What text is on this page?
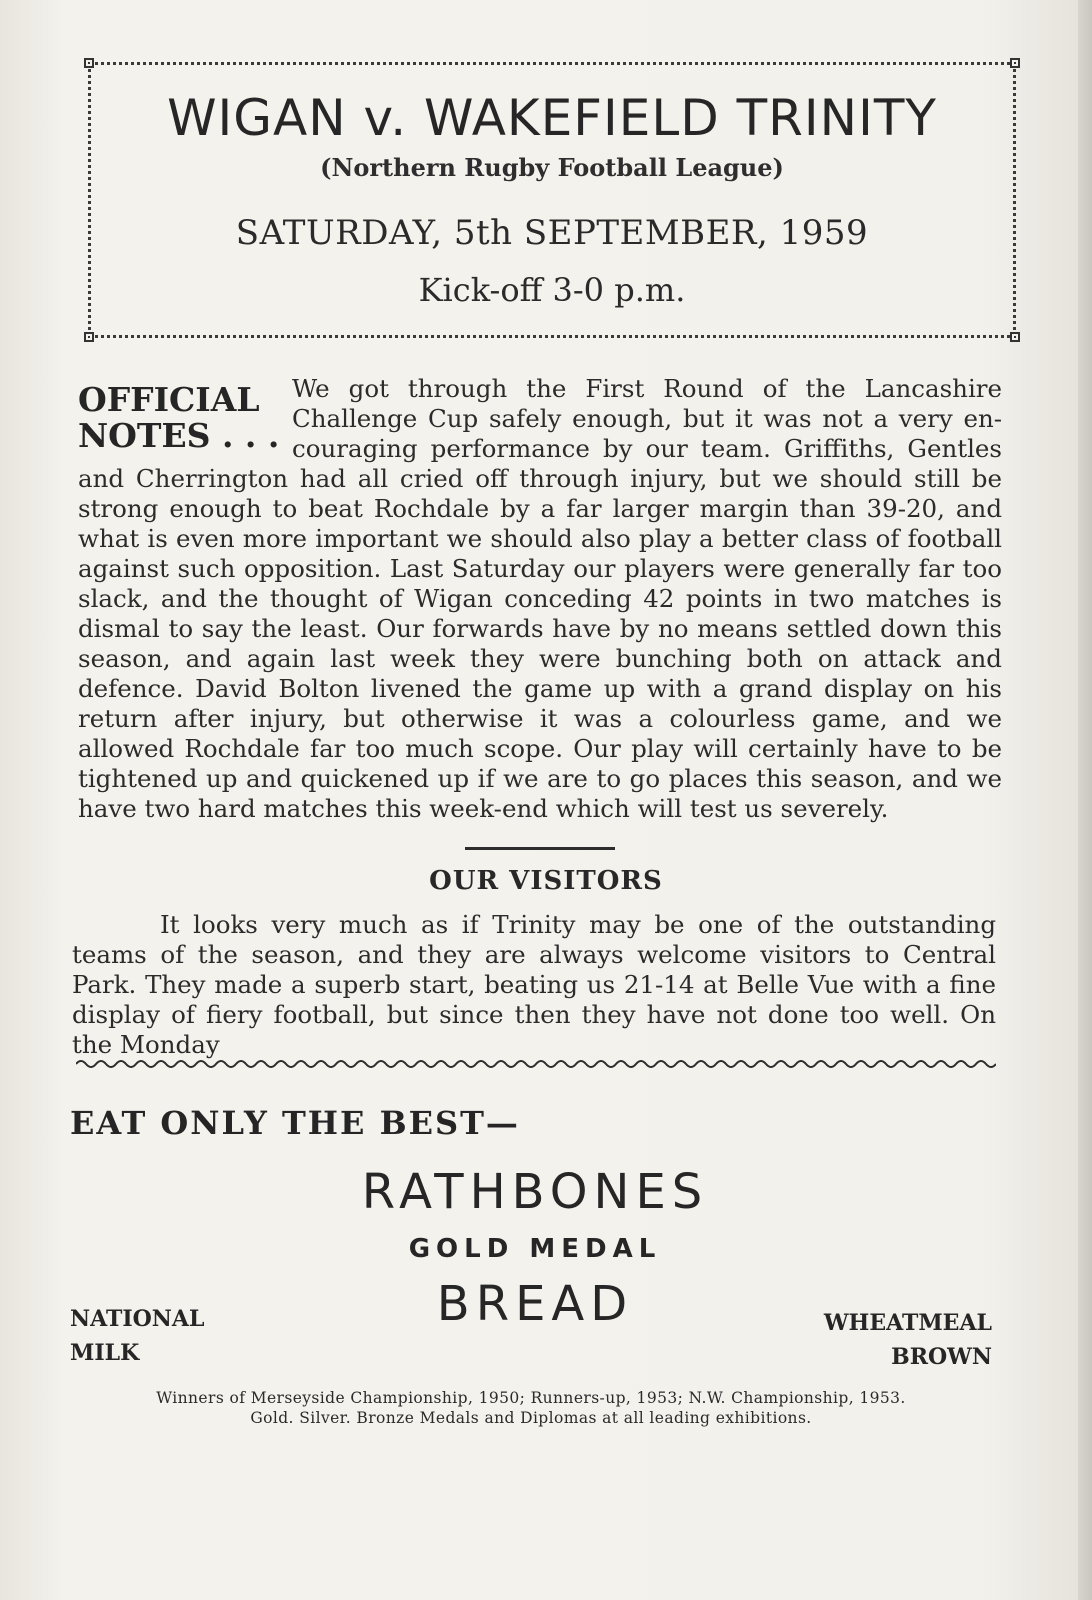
WIGAN v. WAKEFIELD TRINITY
(Northern Rugby Football League)
SATURDAY, 5th SEPTEMBER, 1959
Kick-off 3-0 p.m.
OFFICIAL
NOTES . . .
We got through the First Round of the Lancashire Challenge Cup safely enough, but it was not a very en- couraging performance by our team. Griffiths, Gentles and Cherrington had all cried off through injury, but we should still be strong enough to beat Rochdale by a far larger margin than 39-20, and what is even more important we should also play a better class of football against such opposition. Last Saturday our players were generally far too slack, and the thought of Wigan conceding 42 points in two matches is dismal to say the least. Our forwards have by no means settled down this season, and again last week they were bunching both on attack and defence. David Bolton livened the game up with a grand display on his return after injury, but otherwise it was a colourless game, and we allowed Rochdale far too much scope. Our play will certainly have to be tightened up and quickened up if we are to go places this season, and we have two hard matches this week-end which will test us severely.
OUR VISITORS
It looks very much as if Trinity may be one of the outstanding teams of the season, and they are always welcome visitors to Central Park. They made a superb start, beating us 21-14 at Belle Vue with a fine display of fiery football, but since then they have not done too well. On the Monday
EAT ONLY THE BEST—
RATHBONES
GOLD MEDAL
BREAD
NATIONAL
MILK
WHEATMEAL
BROWN
Winners of Merseyside Championship, 1950; Runners-up, 1953; N.W. Championship, 1953.
Gold. Silver. Bronze Medals and Diplomas at all leading exhibitions.
